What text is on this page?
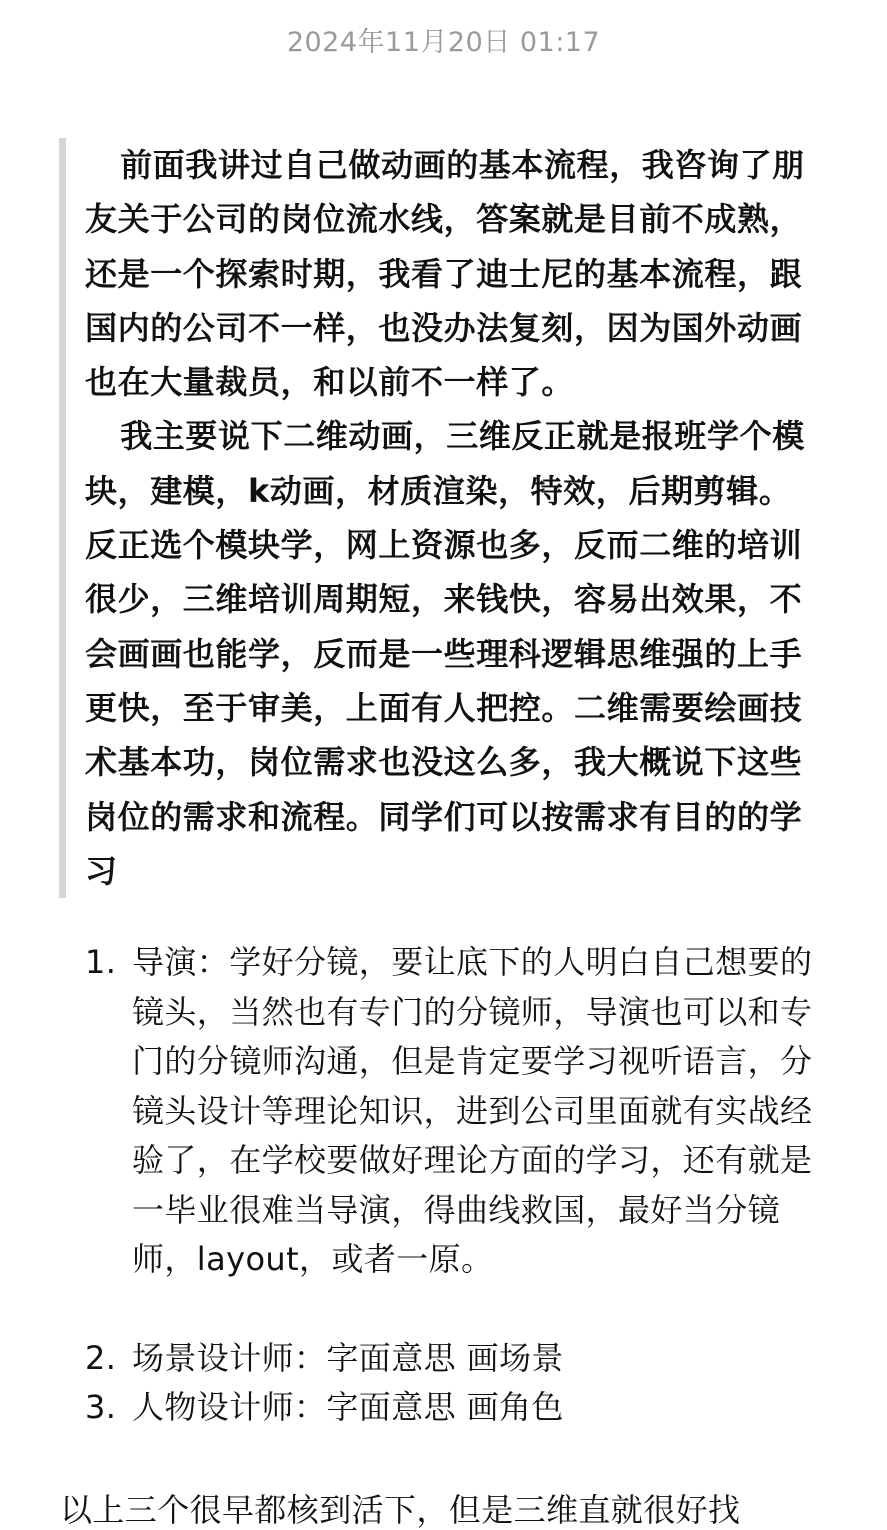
2024年11月20日 01:17

前面我讲过自己做动画的基本流程，我咨询了朋友关于公司的岗位流水线，答案就是目前不成熟，还是一个探索时期，我看了迪士尼的基本流程，跟国内的公司不一样，也没办法复刻，因为国外动画也在大量裁员，和以前不一样了。

我主要说下二维动画，三维反正就是报班学个模块，建模，k动画，材质渲染，特效，后期剪辑。反正选个模块学，网上资源也多，反而二维的培训很少，三维培训周期短，来钱快，容易出效果，不会画画也能学，反而是一些理科逻辑思维强的上手更快，至于审美，上面有人把控。二维需要绘画技术基本功，岗位需求也没这么多，我大概说下这些岗位的需求和流程。同学们可以按需求有目的的学习

1. 导演：学好分镜，要让底下的人明白自己想要的镜头，当然也有专门的分镜师，导演也可以和专门的分镜师沟通，但是肯定要学习视听语言，分镜头设计等理论知识，进到公司里面就有实战经验了，在学校要做好理论方面的学习，还有就是一毕业很难当导演，得曲线救国，最好当分镜师，layout，或者一原。
2. 场景设计师：字面意思 画场景
3. 人物设计师：字面意思 画角色
以上三个很早都核到活下，但是三维直就很好找
